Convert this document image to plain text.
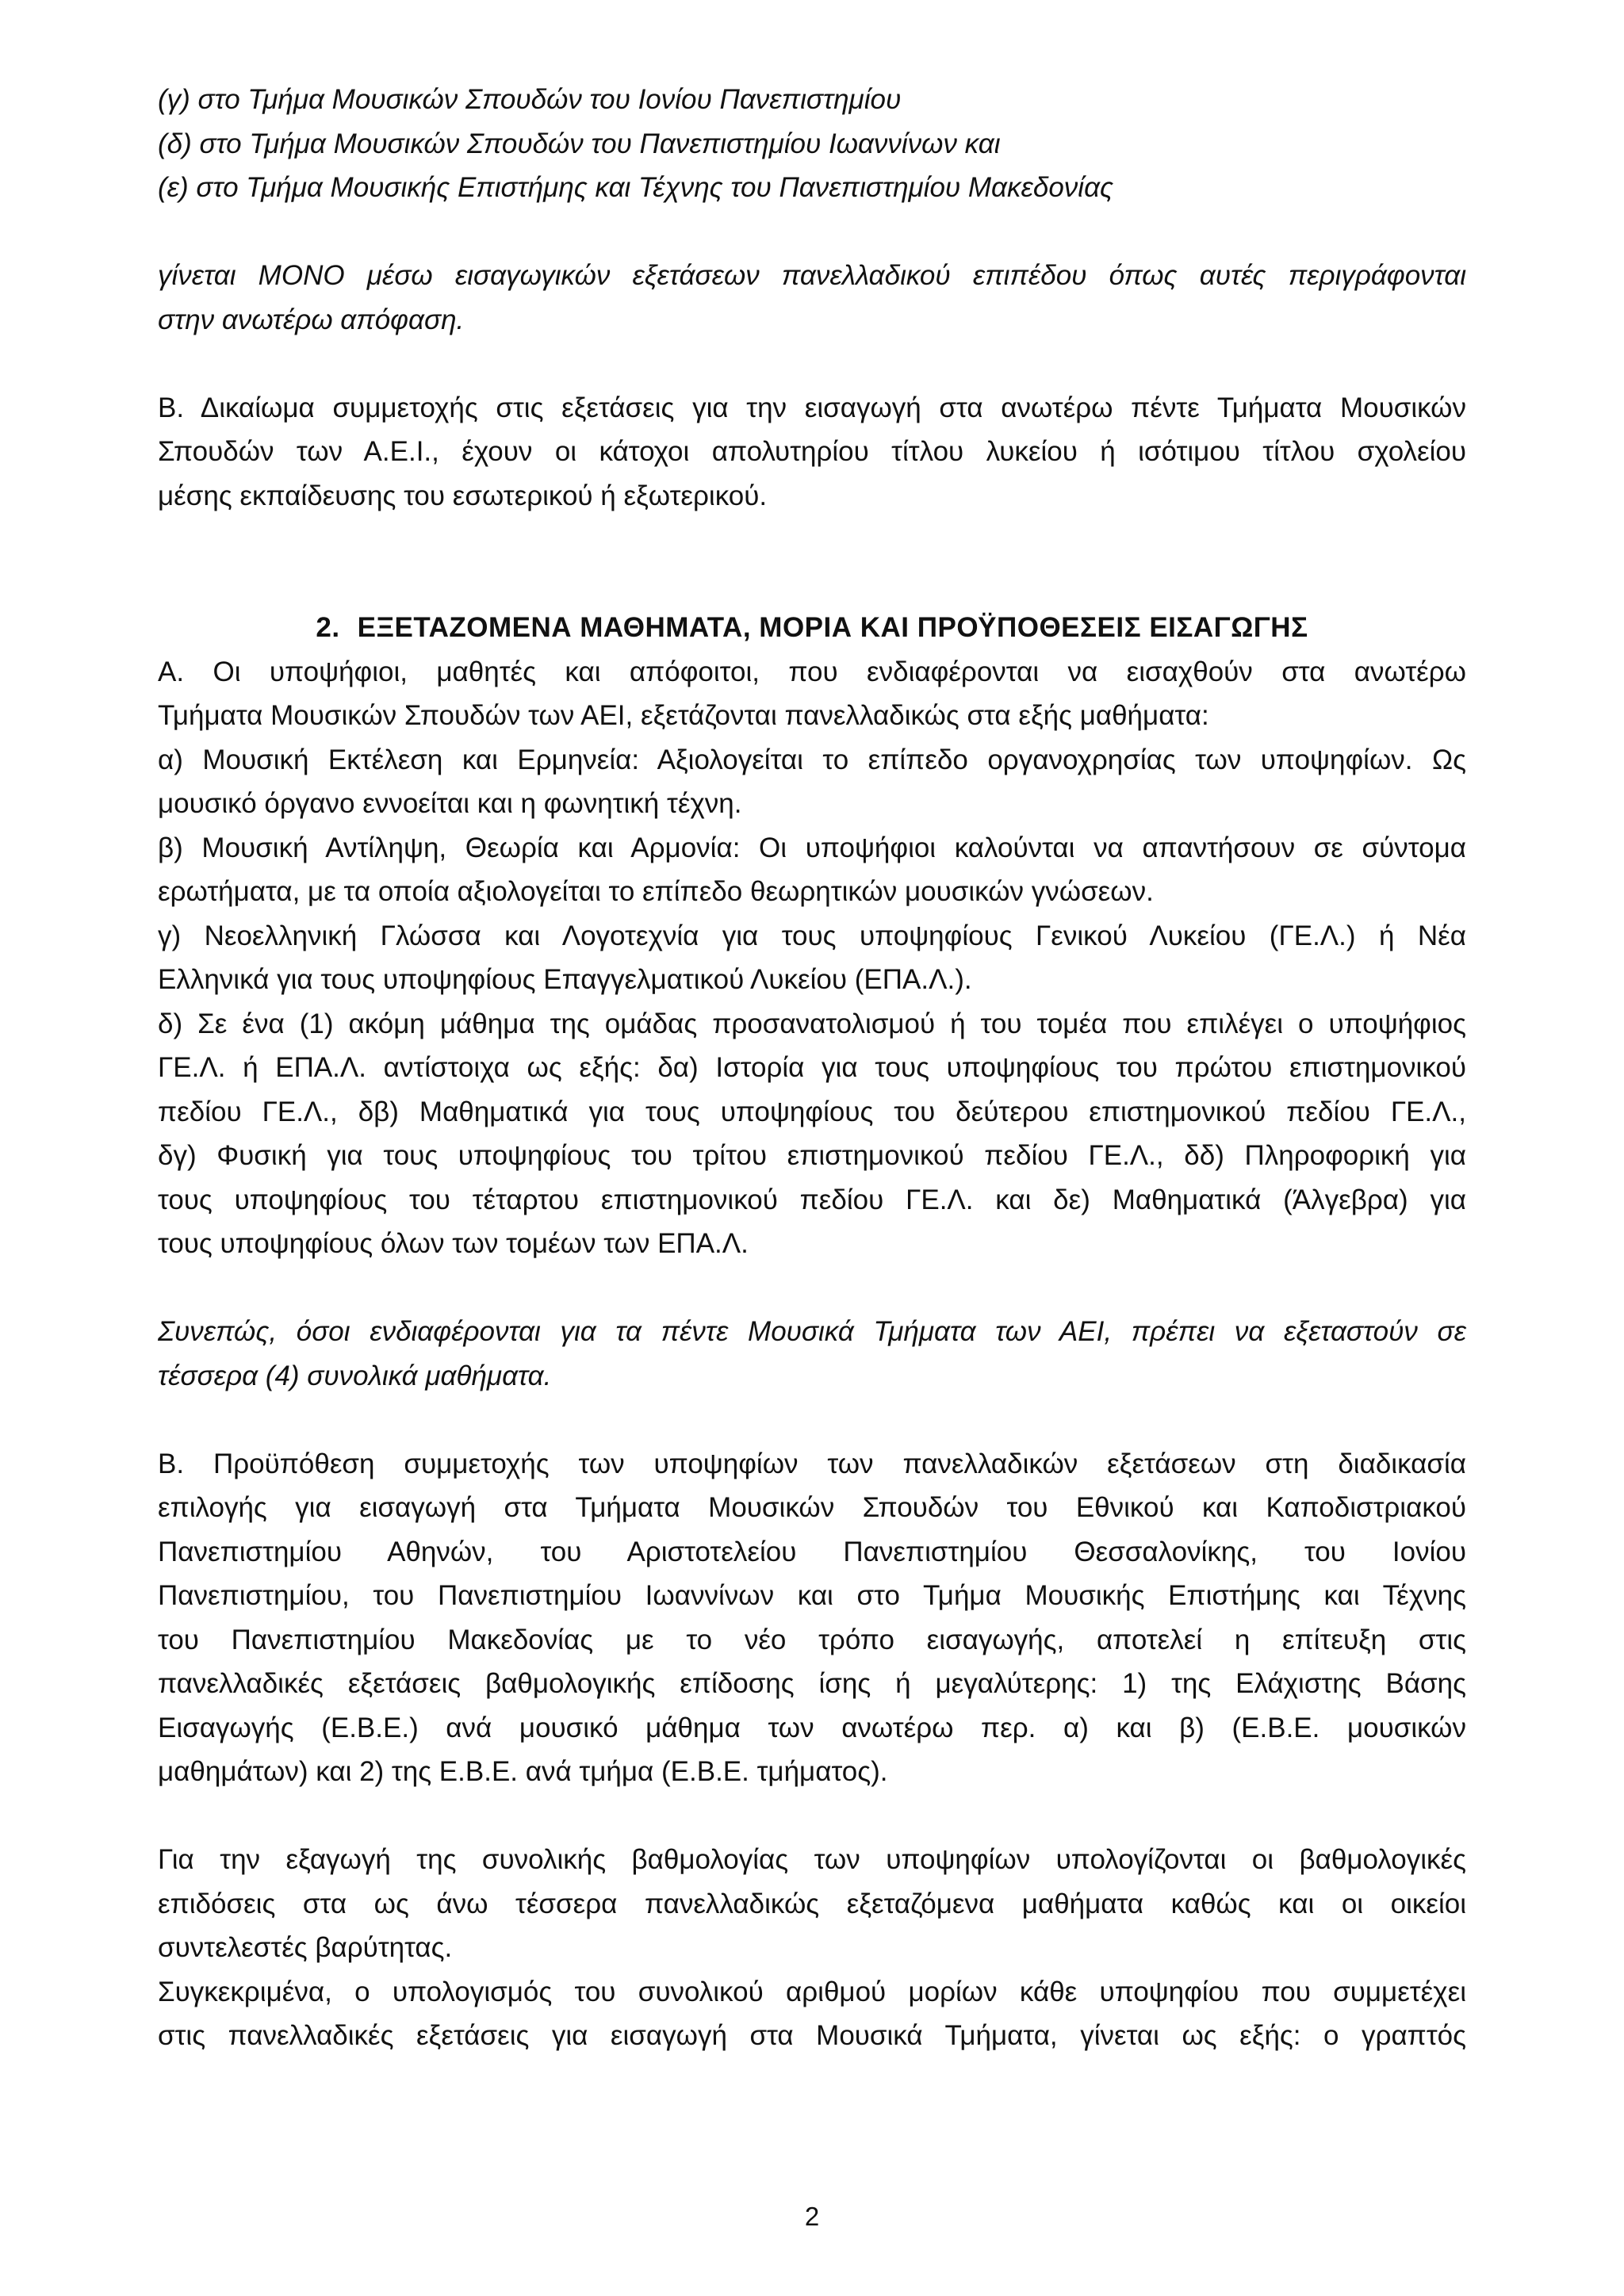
(γ) στο Τμήμα Μουσικών Σπουδών του Ιονίου Πανεπιστημίου
(δ) στο Τμήμα Μουσικών Σπουδών του Πανεπιστημίου Ιωαννίνων και
(ε) στο Τμήμα Μουσικής Επιστήμης και Τέχνης του Πανεπιστημίου Μακεδονίας
γίνεται ΜΟΝΟ μέσω εισαγωγικών εξετάσεων πανελλαδικού επιπέδου όπως αυτές περιγράφονται
στην ανωτέρω απόφαση.
Β. Δικαίωμα συμμετοχής στις εξετάσεις για την εισαγωγή στα ανωτέρω πέντε Τμήματα Μουσικών
Σπουδών των Α.Ε.Ι., έχουν οι κάτοχοι απολυτηρίου τίτλου λυκείου ή ισότιμου τίτλου σχολείου
μέσης εκπαίδευσης του εσωτερικού ή εξωτερικού.
2. ΕΞΕΤΑΖΟΜΕΝΑ ΜΑΘΗΜΑΤΑ, ΜΟΡΙΑ ΚΑΙ ΠΡΟΫΠΟΘΕΣΕΙΣ ΕΙΣΑΓΩΓΗΣ
Α. Οι υποψήφιοι, μαθητές και απόφοιτοι, που ενδιαφέρονται να εισαχθούν στα ανωτέρω
Τμήματα Μουσικών Σπουδών των ΑΕΙ, εξετάζονται πανελλαδικώς στα εξής μαθήματα:
α) Μουσική Εκτέλεση και Ερμηνεία: Αξιολογείται το επίπεδο οργανοχρησίας των υποψηφίων. Ως
μουσικό όργανο εννοείται και η φωνητική τέχνη.
β) Μουσική Αντίληψη, Θεωρία και Αρμονία: Οι υποψήφιοι καλούνται να απαντήσουν σε σύντομα
ερωτήματα, με τα οποία αξιολογείται το επίπεδο θεωρητικών μουσικών γνώσεων.
γ) Νεοελληνική Γλώσσα και Λογοτεχνία για τους υποψηφίους Γενικού Λυκείου (ΓΕ.Λ.) ή Νέα
Ελληνικά για τους υποψηφίους Επαγγελματικού Λυκείου (ΕΠΑ.Λ.).
δ) Σε ένα (1) ακόμη μάθημα της ομάδας προσανατολισμού ή του τομέα που επιλέγει ο υποψήφιος
ΓΕ.Λ. ή ΕΠΑ.Λ. αντίστοιχα ως εξής: δα) Ιστορία για τους υποψηφίους του πρώτου επιστημονικού
πεδίου ΓΕ.Λ., δβ) Μαθηματικά για τους υποψηφίους του δεύτερου επιστημονικού πεδίου ΓΕ.Λ.,
δγ) Φυσική για τους υποψηφίους του τρίτου επιστημονικού πεδίου ΓΕ.Λ., δδ) Πληροφορική για
τους υποψηφίους του τέταρτου επιστημονικού πεδίου ΓΕ.Λ. και δε) Μαθηματικά (Άλγεβρα) για
τους υποψηφίους όλων των τομέων των ΕΠΑ.Λ.
Συνεπώς, όσοι ενδιαφέρονται για τα πέντε Μουσικά Τμήματα των ΑΕΙ, πρέπει να εξεταστούν σε
τέσσερα (4) συνολικά μαθήματα.
Β. Προϋπόθεση συμμετοχής των υποψηφίων των πανελλαδικών εξετάσεων στη διαδικασία
επιλογής για εισαγωγή στα Τμήματα Μουσικών Σπουδών του Εθνικού και Καποδιστριακού
Πανεπιστημίου Αθηνών, του Αριστοτελείου Πανεπιστημίου Θεσσαλονίκης, του Ιονίου
Πανεπιστημίου, του Πανεπιστημίου Ιωαννίνων και στο Τμήμα Μουσικής Επιστήμης και Τέχνης
του Πανεπιστημίου Μακεδονίας με το νέο τρόπο εισαγωγής, αποτελεί η επίτευξη στις
πανελλαδικές εξετάσεις βαθμολογικής επίδοσης ίσης ή μεγαλύτερης: 1) της Ελάχιστης Βάσης
Εισαγωγής (Ε.Β.Ε.) ανά μουσικό μάθημα των ανωτέρω περ. α) και β) (Ε.Β.Ε. μουσικών
μαθημάτων) και 2) της Ε.Β.Ε. ανά τμήμα (Ε.Β.Ε. τμήματος).
Για την εξαγωγή της συνολικής βαθμολογίας των υποψηφίων υπολογίζονται οι βαθμολογικές
επιδόσεις στα ως άνω τέσσερα πανελλαδικώς εξεταζόμενα μαθήματα καθώς και οι οικείοι
συντελεστές βαρύτητας.
Συγκεκριμένα, ο υπολογισμός του συνολικού αριθμού μορίων κάθε υποψηφίου που συμμετέχει
στις πανελλαδικές εξετάσεις για εισαγωγή στα Μουσικά Τμήματα, γίνεται ως εξής: ο γραπτός
2
